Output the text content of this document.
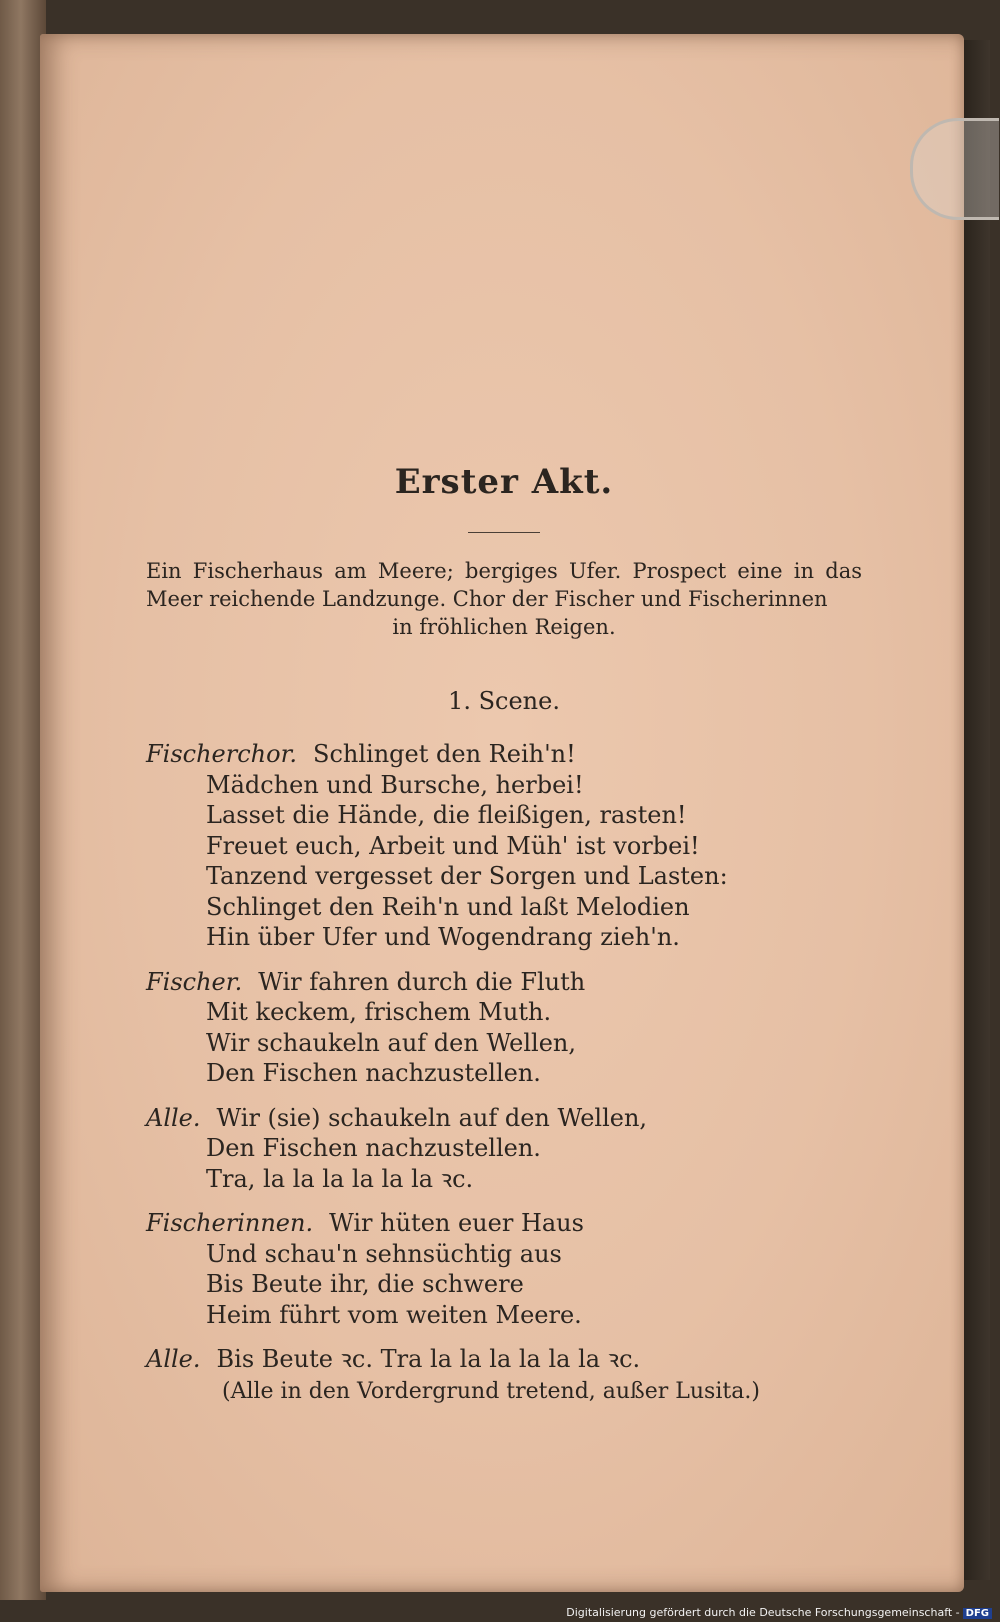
Erster Akt.
Ein Fischerhaus am Meere; bergiges Ufer. Prospect eine in das Meer reichende Landzunge. Chor der Fischer und Fischerinnen
in fröhlichen Reigen.
1. Scene.
Fischerchor. Schlinget den Reih'n!
Mädchen und Bursche, herbei!
Lasset die Hände, die fleißigen, rasten!
Freuet euch, Arbeit und Müh' ist vorbei!
Tanzend vergesset der Sorgen und Lasten:
Schlinget den Reih'n und laßt Melodien
Hin über Ufer und Wogendrang zieh'n.
Fischer. Wir fahren durch die Fluth
Mit keckem, frischem Muth.
Wir schaukeln auf den Wellen,
Den Fischen nachzustellen.
Alle. Wir (sie) schaukeln auf den Wellen,
Den Fischen nachzustellen.
Tra, la la la la la la ꝛc.
Fischerinnen. Wir hüten euer Haus
Und schau'n sehnsüchtig aus
Bis Beute ihr, die schwere
Heim führt vom weiten Meere.
Alle. Bis Beute ꝛc. Tra la la la la la la ꝛc.
(Alle in den Vordergrund tretend, außer Lusita.)
Digitalisierung gefördert durch die Deutsche Forschungsgemeinschaft - DFG
